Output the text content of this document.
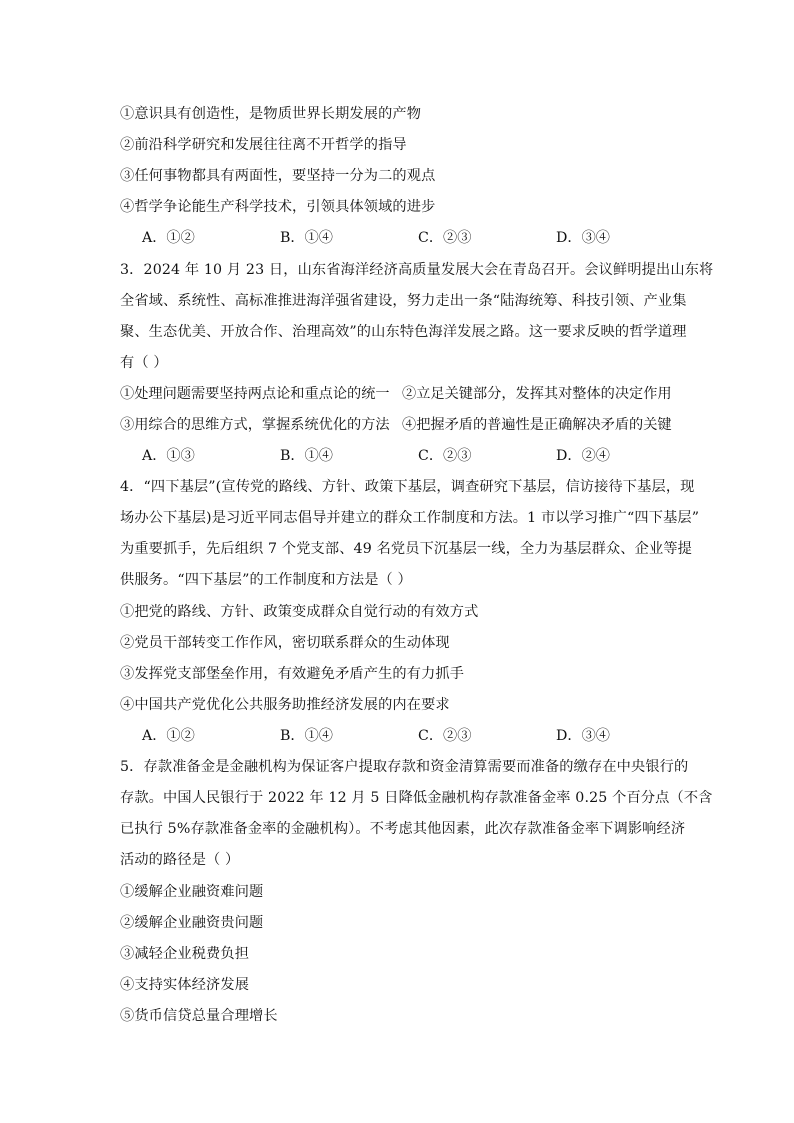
①意识具有创造性，是物质世界长期发展的产物
②前沿科学研究和发展往往离不开哲学的指导
③任何事物都具有两面性，要坚持一分为二的观点
④哲学争论能生产科学技术，引领具体领域的进步
A．①②	B．①④	C．②③	D．③④
3．2024 年 10 月 23 日，山东省海洋经济高质量发展大会在青岛召开。会议鲜明提出山东将
全省域、系统性、高标准推进海洋强省建设，努力走出一条“陆海统筹、科技引领、产业集
聚、生态优美、开放合作、治理高效”的山东特色海洋发展之路。这一要求反映的哲学道理
有（ ）
①处理问题需要坚持两点论和重点论的统一 ②立足关键部分，发挥其对整体的决定作用
③用综合的思维方式，掌握系统优化的方法 ④把握矛盾的普遍性是正确解决矛盾的关键
A．①③	B．①④	C．②③	D．②④
4．“四下基层”(宣传党的路线、方针、政策下基层，调查研究下基层，信访接待下基层，现
场办公下基层)是习近平同志倡导并建立的群众工作制度和方法。1 市以学习推广“四下基层”
为重要抓手，先后组织 7 个党支部、49 名党员下沉基层一线，全力为基层群众、企业等提
供服务。“四下基层”的工作制度和方法是（ ）
①把党的路线、方针、政策变成群众自觉行动的有效方式
②党员干部转变工作作风，密切联系群众的生动体现
③发挥党支部堡垒作用，有效避免矛盾产生的有力抓手
④中国共产党优化公共服务助推经济发展的内在要求
A．①②	B．①④	C．②③	D．③④
5．存款准备金是金融机构为保证客户提取存款和资金清算需要而准备的缴存在中央银行的
存款。中国人民银行于 2022 年 12 月 5 日降低金融机构存款准备金率 0.25 个百分点（不含
已执行 5%存款准备金率的金融机构）。不考虑其他因素，此次存款准备金率下调影响经济
活动的路径是（ ）
①缓解企业融资难问题
②缓解企业融资贵问题
③减轻企业税费负担
④支持实体经济发展
⑤货币信贷总量合理增长
